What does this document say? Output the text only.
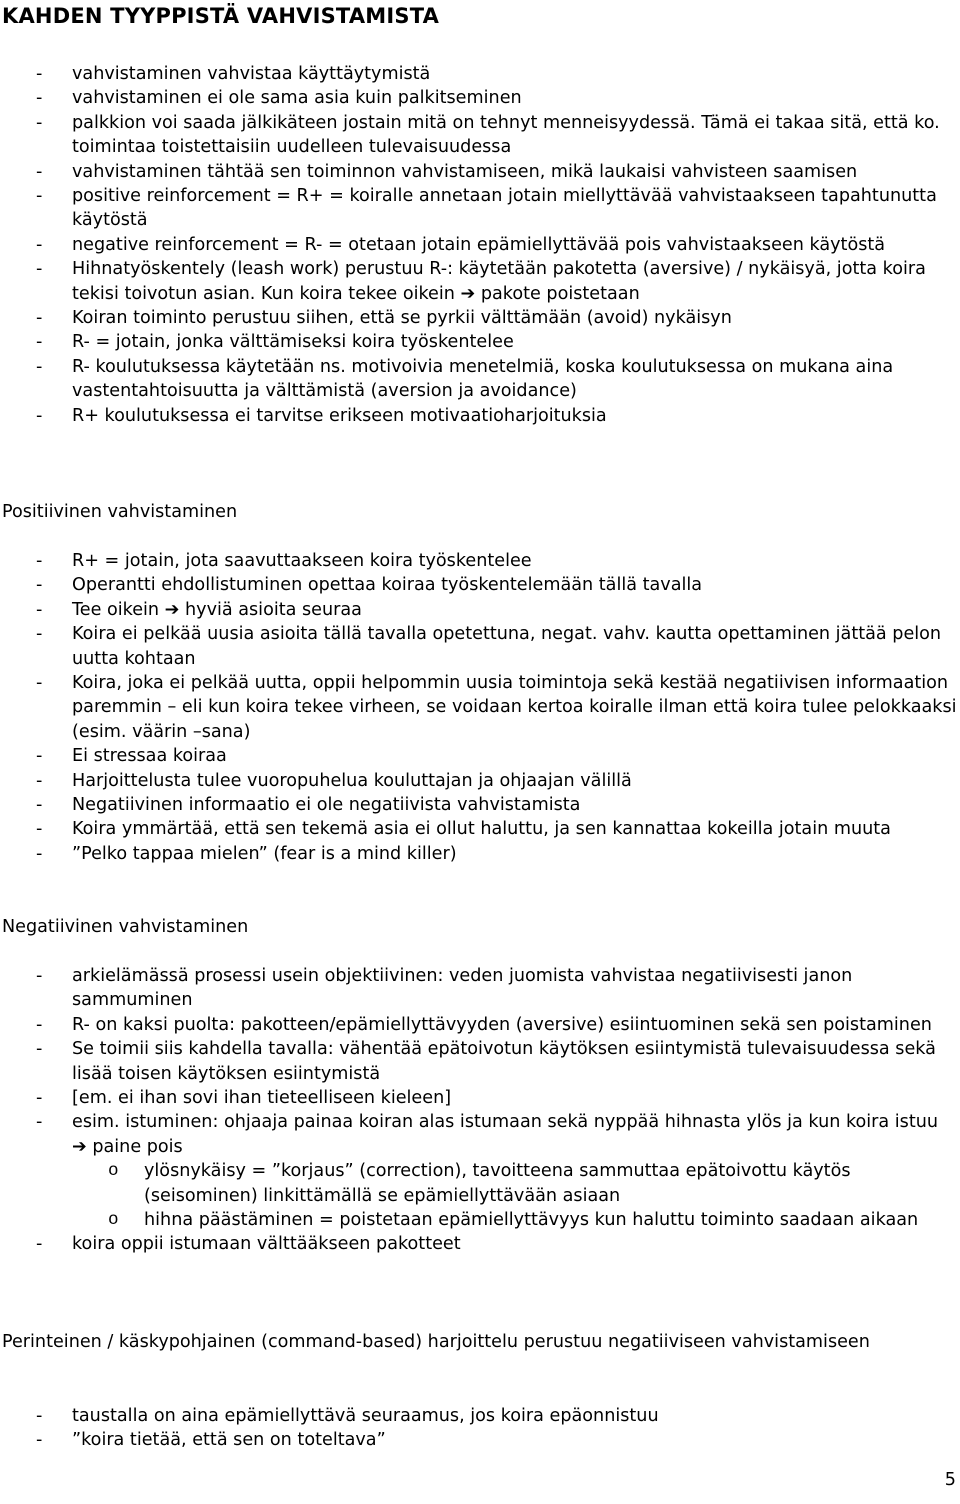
KAHDEN TYYPPISTÄ VAHVISTAMISTA
- vahvistaminen vahvistaa käyttäytymistä
- vahvistaminen ei ole sama asia kuin palkitseminen
- palkkion voi saada jälkikäteen jostain mitä on tehnyt menneisyydessä. Tämä ei takaa sitä, että ko. toimintaa toistettaisiin uudelleen tulevaisuudessa
- vahvistaminen tähtää sen toiminnon vahvistamiseen, mikä laukaisi vahvisteen saamisen
- positive reinforcement = R+ = koiralle annetaan jotain miellyttävää vahvistaakseen tapahtunutta käytöstä
- negative reinforcement = R- = otetaan jotain epämiellyttävää pois vahvistaakseen käytöstä
- Hihnatyöskentely (leash work) perustuu R-: käytetään pakotetta (aversive) / nykäisyä, jotta koira tekisi toivotun asian. Kun koira tekee oikein ➔ pakote poistetaan
- Koiran toiminto perustuu siihen, että se pyrkii välttämään (avoid) nykäisyn
- R- = jotain, jonka välttämiseksi koira työskentelee
- R- koulutuksessa käytetään ns. motivoivia menetelmiä, koska koulutuksessa on mukana aina vastentahtoisuutta ja välttämistä (aversion ja avoidance)
- R+ koulutuksessa ei tarvitse erikseen motivaatioharjoituksia

Positiivinen vahvistaminen

- R+ = jotain, jota saavuttaakseen koira työskentelee
- Operantti ehdollistuminen opettaa koiraa työskentelemään tällä tavalla
- Tee oikein ➔ hyviä asioita seuraa
- Koira ei pelkää uusia asioita tällä tavalla opetettuna, negat. vahv. kautta opettaminen jättää pelon uutta kohtaan
- Koira, joka ei pelkää uutta, oppii helpommin uusia toimintoja sekä kestää negatiivisen informaation paremmin – eli kun koira tekee virheen, se voidaan kertoa koiralle ilman että koira tulee pelokkaaksi (esim. väärin –sana)
- Ei stressaa koiraa
- Harjoittelusta tulee vuoropuhelua kouluttajan ja ohjaajan välillä
- Negatiivinen informaatio ei ole negatiivista vahvistamista
- Koira ymmärtää, että sen tekemä asia ei ollut haluttu, ja sen kannattaa kokeilla jotain muuta
- ”Pelko tappaa mielen” (fear is a mind killer)

Negatiivinen vahvistaminen

- arkielämässä prosessi usein objektiivinen: veden juomista vahvistaa negatiivisesti janon sammuminen
- R- on kaksi puolta: pakotteen/epämiellyttävyyden (aversive) esiintuominen sekä sen poistaminen
- Se toimii siis kahdella tavalla: vähentää epätoivotun käytöksen esiintymistä tulevaisuudessa sekä lisää toisen käytöksen esiintymistä
- [em. ei ihan sovi ihan tieteelliseen kieleen]
- esim. istuminen: ohjaaja painaa koiran alas istumaan sekä nyppää hihnasta ylös ja kun koira istuu ➔ paine pois
o ylösnykäisy = ”korjaus” (correction), tavoitteena sammuttaa epätoivottu käytös (seisominen) linkittämällä se epämiellyttävään asiaan
o hihna päästäminen = poistetaan epämiellyttävyys kun haluttu toiminto saadaan aikaan
- koira oppii istumaan välttääkseen pakotteet

Perinteinen / käskypohjainen (command-based) harjoittelu perustuu negatiiviseen vahvistamiseen

- taustalla on aina epämiellyttävä seuraamus, jos koira epäonnistuu
- ”koira tietää, että sen on toteltava”
5
